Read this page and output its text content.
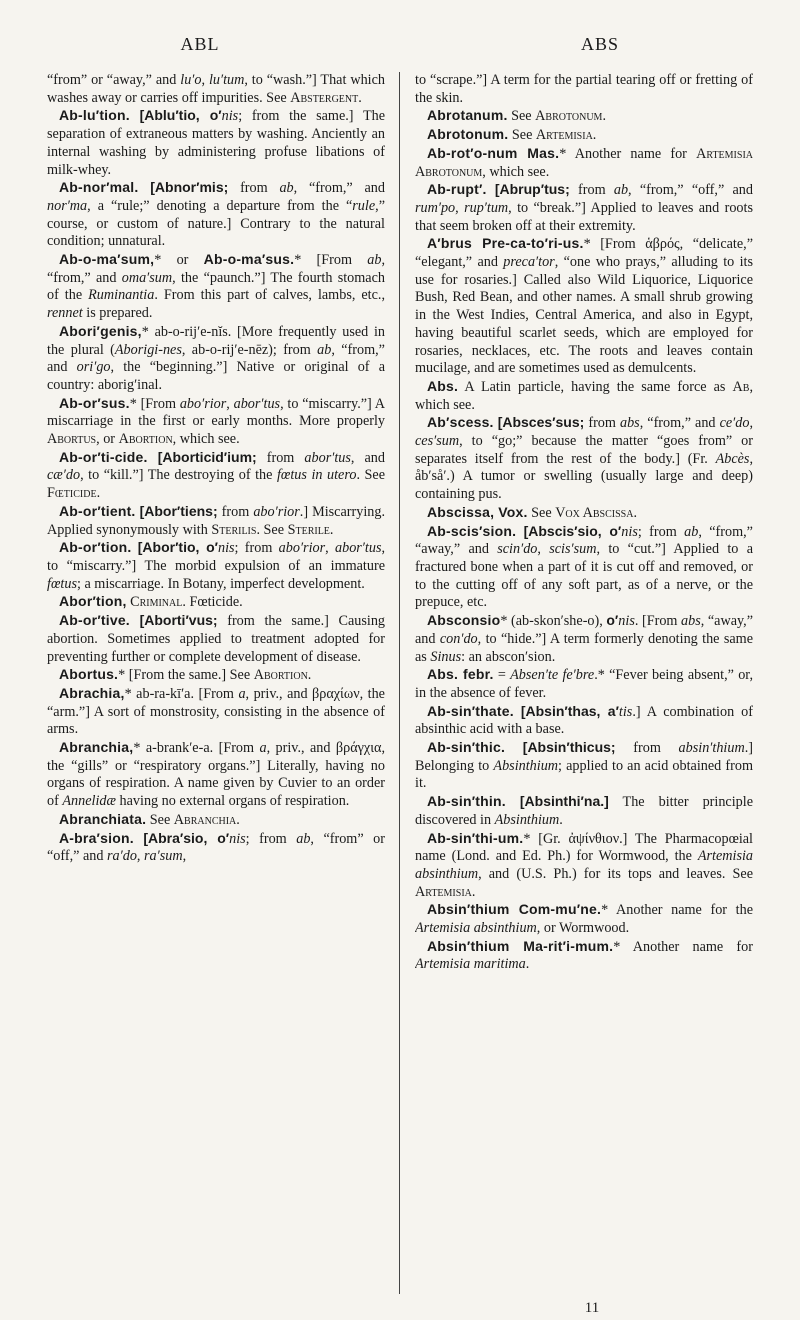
ABL	ABS

“from” or “away,” and lu′o, lu′tum, to “wash.”] That which washes away or carries off impurities. See Abstergent.

Ab-lu′tion. [Ablu′tio, o′nis; from the same.] The separation of extraneous matters by washing. Anciently an internal washing by administering profuse libations of milk-whey.

Ab-nor′mal. [Abnor′mis; from ab, “from,” and nor′ma, a “rule;” denoting a departure from the “rule,” course, or custom of nature.] Contrary to the natural condition; unnatural.

Ab-o-ma′sum,* or Ab-o-ma′sus.* [From ab, “from,” and oma′sum, the “paunch.”] The fourth stomach of the Ruminantia. From this part of calves, lambs, etc., rennet is prepared.

Abori′genis,* ab-o-rij′e-nĭs. [More frequently used in the plural (Aborigi-nes, ab-o-rij′e-nēz); from ab, “from,” and ori′go, the “beginning.”] Native or original of a country: aborig′inal.

Ab-or′sus.* [From abo′rior, abor′tus, to “miscarry.”] A miscarriage in the first or early months. More properly Abortus, or Abortion, which see.

Ab-or′ti-cide. [Aborticid′ium; from abor′tus, and cæ′do, to “kill.”] The destroying of the fœtus in utero. See Fœticide.

Ab-or′tient. [Abor′tiens; from abo′rior.] Miscarrying. Applied synonymously with Sterilis. See Sterile.

Ab-or′tion. [Abor′tio, o′nis; from abo′rior, abor′tus, to “miscarry.”] The morbid expulsion of an immature fœtus; a miscarriage. In Botany, imperfect development.

Abor′tion, Criminal. Fœticide.

Ab-or′tive. [Aborti′vus; from the same.] Causing abortion. Sometimes applied to treatment adopted for preventing further or complete development of disease.

Abortus.* [From the same.] See Abortion.

Abrachia,* ab-ra-kī′a. [From a, priv., and βραχίων, the “arm.”] A sort of monstrosity, consisting in the absence of arms.

Abranchia,* a-brank′e-a. [From a, priv., and βράγχια, the “gills” or “respiratory organs.”] Literally, having no organs of respiration. A name given by Cuvier to an order of Annelidæ having no external organs of respiration.

Abranchiata. See Abranchia.

A-bra′sion. [Abra′sio, o′nis; from ab, “from” or “off,” and ra′do, ra′sum,

to “scrape.”] A term for the partial tearing off or fretting of the skin.

Abrotanum. See Abrotonum.

Abrotonum. See Artemisia.

Ab-rot′o-num Mas.* Another name for Artemisia Abrotonum, which see.

Ab-rupt′. [Abrup′tus; from ab, “from,” “off,” and rum′po, rup′tum, to “break.”] Applied to leaves and roots that seem broken off at their extremity.

A′brus Pre-ca-to′ri-us.* [From ἁβρός, “delicate,” “elegant,” and preca′tor, “one who prays,” alluding to its use for rosaries.] Called also Wild Liquorice, Liquorice Bush, Red Bean, and other names. A small shrub growing in the West Indies, Central America, and also in Egypt, having beautiful scarlet seeds, which are employed for rosaries, necklaces, etc. The roots and leaves contain mucilage, and are sometimes used as demulcents.

Abs. A Latin particle, having the same force as Ab, which see.

Ab′scess. [Absces′sus; from abs, “from,” and ce′do, ces′sum, to “go;” because the matter “goes from” or separates itself from the rest of the body.] (Fr. Abcès, åb′så′.) A tumor or swelling (usually large and deep) containing pus.

Abscissa, Vox. See Vox Abscissa.

Ab-scis′sion. [Abscis′sio, o′nis; from ab, “from,” “away,” and scin′do, scis′sum, to “cut.”] Applied to a fractured bone when a part of it is cut off and removed, or to the cutting off of any soft part, as of a nerve, or the prepuce, etc.

Absconsio* (ab-skon′she-o), o′nis. [From abs, “away,” and con′do, to “hide.”] A term formerly denoting the same as Sinus: an abscon′sion.

Abs. febr. = Absen′te fe′bre.* “Fever being absent,” or, in the absence of fever.

Ab-sin′thate. [Absin′thas, a′tis.] A combination of absinthic acid with a base.

Ab-sin′thic. [Absin′thicus; from absin′thium.] Belonging to Absinthium; applied to an acid obtained from it.

Ab-sin′thin. [Absinthi′na.] The bitter principle discovered in Absinthium.

Ab-sin′thi-um.* [Gr. ἀψίνθιον.] The Pharmacopœial name (Lond. and Ed. Ph.) for Wormwood, the Artemisia absinthium, and (U.S. Ph.) for its tops and leaves. See Artemisia.

Absin′thium Com-mu′ne.* Another name for the Artemisia absinthium, or Wormwood.

Absin′thium Ma-rit′i-mum.* Another name for Artemisia maritima.

11
